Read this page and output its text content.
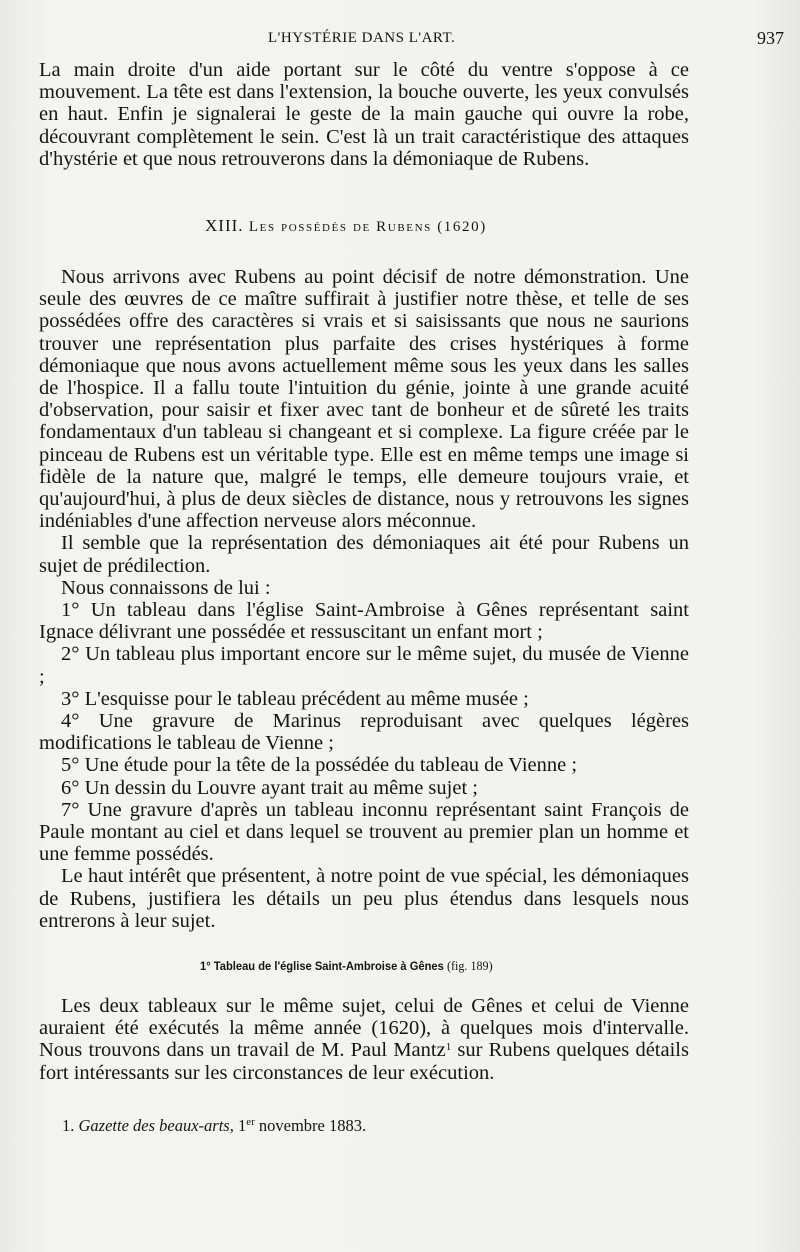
L'HYSTÉRIE DANS L'ART.	937

La main droite d'un aide portant sur le côté du ventre s'oppose à ce mouvement. La tête est dans l'extension, la bouche ouverte, les yeux convulsés en haut. Enfin je signalerai le geste de la main gauche qui ouvre la robe, découvrant complètement le sein. C'est là un trait caractéristique des attaques d'hystérie et que nous retrouverons dans la démoniaque de Rubens.

XIII. Les possédés de Rubens (1620)

Nous arrivons avec Rubens au point décisif de notre démonstration. Une seule des œuvres de ce maître suffirait à justifier notre thèse, et telle de ses possédées offre des caractères si vrais et si saisissants que nous ne saurions trouver une représentation plus parfaite des crises hystériques à forme démoniaque que nous avons actuellement même sous les yeux dans les salles de l'hospice. Il a fallu toute l'intuition du génie, jointe à une grande acuité d'observation, pour saisir et fixer avec tant de bonheur et de sûreté les traits fondamentaux d'un tableau si changeant et si complexe. La figure créée par le pinceau de Rubens est un véritable type. Elle est en même temps une image si fidèle de la nature que, malgré le temps, elle demeure toujours vraie, et qu'aujourd'hui, à plus de deux siècles de distance, nous y retrouvons les signes indéniables d'une affection nerveuse alors méconnue.

Il semble que la représentation des démoniaques ait été pour Rubens un sujet de prédilection.

Nous connaissons de lui :

1° Un tableau dans l'église Saint-Ambroise à Gênes représentant saint Ignace délivrant une possédée et ressuscitant un enfant mort ;

2° Un tableau plus important encore sur le même sujet, du musée de Vienne ;

3° L'esquisse pour le tableau précédent au même musée ;

4° Une gravure de Marinus reproduisant avec quelques légères modifications le tableau de Vienne ;

5° Une étude pour la tête de la possédée du tableau de Vienne ;

6° Un dessin du Louvre ayant trait au même sujet ;

7° Une gravure d'après un tableau inconnu représentant saint François de Paule montant au ciel et dans lequel se trouvent au premier plan un homme et une femme possédés.

Le haut intérêt que présentent, à notre point de vue spécial, les démoniaques de Rubens, justifiera les détails un peu plus étendus dans lesquels nous entrerons à leur sujet.

1° Tableau de l'église Saint-Ambroise à Gênes (fig. 189)

Les deux tableaux sur le même sujet, celui de Gênes et celui de Vienne auraient été exécutés la même année (1620), à quelques mois d'intervalle. Nous trouvons dans un travail de M. Paul Mantz$^1$ sur Rubens quelques détails fort intéressants sur les circonstances de leur exécution.

1. Gazette des beaux-arts, 1er novembre 1883.
